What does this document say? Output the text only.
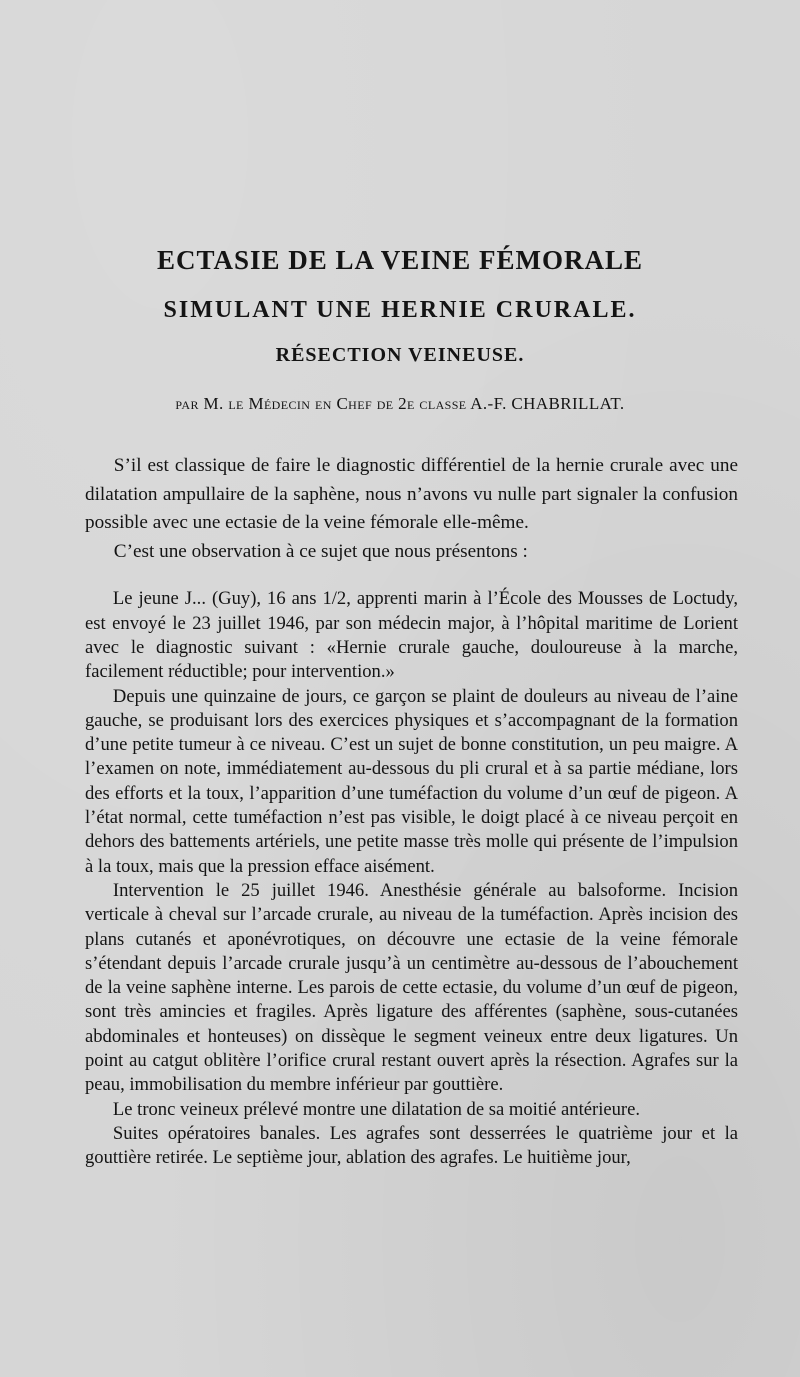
ECTASIE DE LA VEINE FÉMORALE

SIMULANT UNE HERNIE CRURALE.

RÉSECTION VEINEUSE.

par M. le Médecin en Chef de 2e classe A.-F. CHABRILLAT.

S’il est classique de faire le diagnostic différentiel de la hernie crurale avec une dilatation ampullaire de la saphène, nous n’avons vu nulle part signaler la confusion possible avec une ectasie de la veine fémorale elle-même.

C’est une observation à ce sujet que nous présentons :

Le jeune J... (Guy), 16 ans 1/2, apprenti marin à l’École des Mousses de Loctudy, est envoyé le 23 juillet 1946, par son médecin major, à l’hôpital maritime de Lorient avec le diagnostic suivant : «Hernie crurale gauche, douloureuse à la marche, facilement réductible; pour intervention.»

Depuis une quinzaine de jours, ce garçon se plaint de douleurs au niveau de l’aine gauche, se produisant lors des exercices physiques et s’accompagnant de la formation d’une petite tumeur à ce niveau. C’est un sujet de bonne constitution, un peu maigre. A l’examen on note, immédiatement au-dessous du pli crural et à sa partie médiane, lors des efforts et la toux, l’apparition d’une tuméfaction du volume d’un œuf de pigeon. A l’état normal, cette tuméfaction n’est pas visible, le doigt placé à ce niveau perçoit en dehors des battements artériels, une petite masse très molle qui présente de l’impulsion à la toux, mais que la pression efface aisément.

Intervention le 25 juillet 1946. Anesthésie générale au balsoforme. Incision verticale à cheval sur l’arcade crurale, au niveau de la tuméfaction. Après incision des plans cutanés et aponévrotiques, on découvre une ectasie de la veine fémorale s’étendant depuis l’arcade crurale jusqu’à un centimètre au-dessous de l’abouchement de la veine saphène interne. Les parois de cette ectasie, du volume d’un œuf de pigeon, sont très amincies et fragiles. Après ligature des afférentes (saphène, sous-cutanées abdominales et honteuses) on dissèque le segment veineux entre deux ligatures. Un point au catgut oblitère l’orifice crural restant ouvert après la résection. Agrafes sur la peau, immobilisation du membre inférieur par gouttière.

Le tronc veineux prélevé montre une dilatation de sa moitié antérieure.

Suites opératoires banales. Les agrafes sont desserrées le quatrième jour et la gouttière retirée. Le septième jour, ablation des agrafes. Le huitième jour,
